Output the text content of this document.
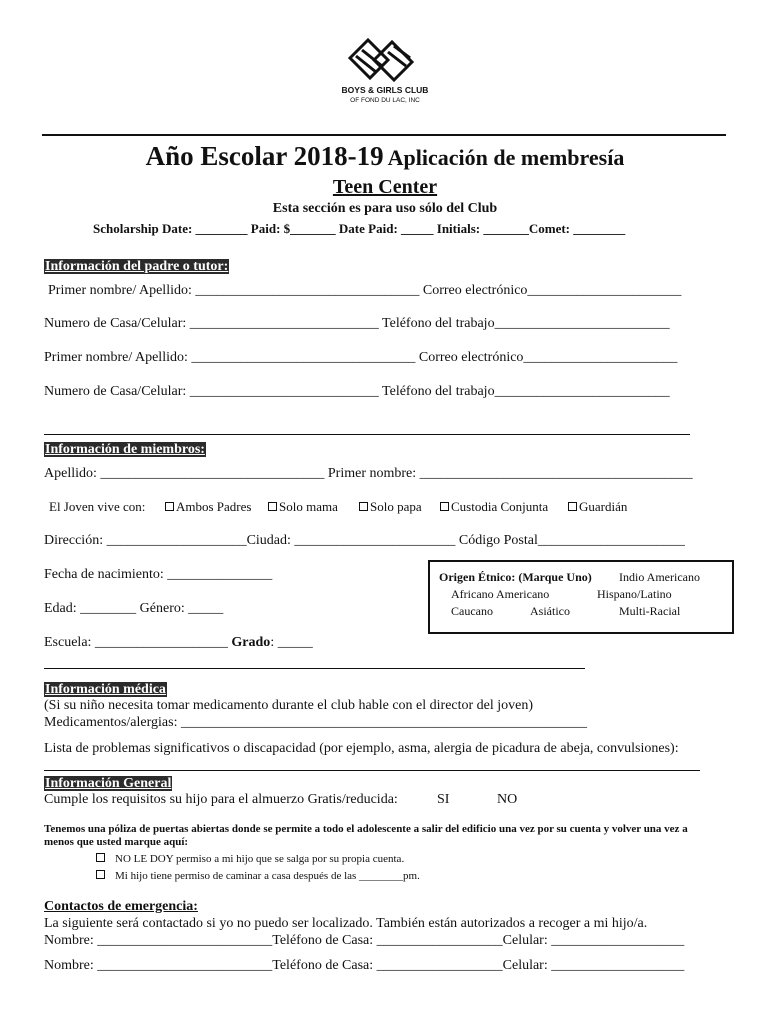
BOYS & GIRLS CLUB
OF FOND DU LAC, INC
Año Escolar 2018-19 Aplicación de membresía
Teen Center
Esta sección es para uso sólo del Club
Scholarship Date: ________ Paid: $_______ Date Paid: _____ Initials: _______Comet: ________
Información del padre o tutor:
Primer nombre/ Apellido: ________________________________ Correo electrónico______________________
Numero de Casa/Celular: ___________________________ Teléfono del trabajo_________________________
Primer nombre/ Apellido: ________________________________ Correo electrónico______________________
Numero de Casa/Celular: ___________________________ Teléfono del trabajo_________________________
Información de miembros:
Apellido: ________________________________ Primer nombre: _______________________________________
El Joven vive con:	Ambos Padres	Solo mama	Solo papa	Custodia Conjunta	Guardián
Dirección: ____________________Ciudad: _______________________ Código Postal_____________________
Fecha de nacimiento: _______________
Edad: ________ Género: _____
Escuela: ___________________ Grado: _____
Origen Étnico: (Marque Uno) Indio Americano
Africano Americano	Hispano/Latino
Caucano	Asiático	Multi-Racial
Información médica
(Si su niño necesita tomar medicamento durante el club hable con el director del joven)
Medicamentos/alergias: __________________________________________________________
Lista de problemas significativos o discapacidad (por ejemplo, asma, alergia de picadura de abeja, convulsiones):
Información General
Cumple los requisitos su hijo para el almuerzo Gratis/reducida:	SI	NO
Tenemos una póliza de puertas abiertas donde se permite a todo el adolescente a salir del edificio una vez por su cuenta y volver una vez a menos que usted marque aquí:
NO LE DOY permiso a mi hijo que se salga por su propia cuenta.
Mi hijo tiene permiso de caminar a casa después de las ________pm.
Contactos de emergencia:
La siguiente será contactado si yo no puedo ser localizado. También están autorizados a recoger a mi hijo/a.
Nombre: _________________________Teléfono de Casa: __________________Celular: ___________________
Nombre: _________________________Teléfono de Casa: __________________Celular: ___________________
